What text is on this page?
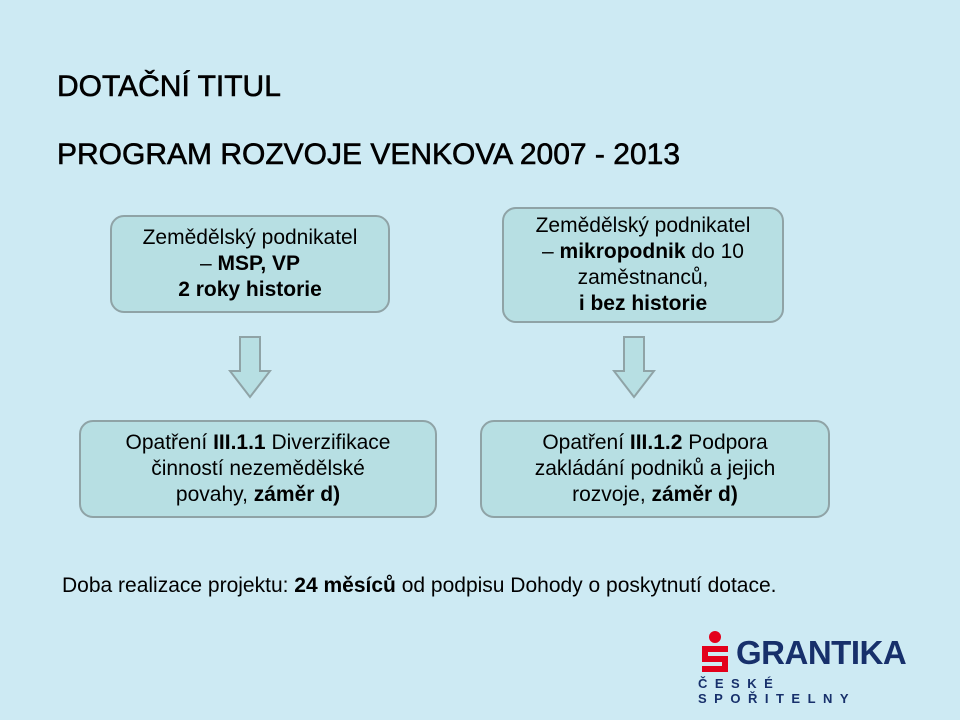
DOTAČNÍ TITUL
PROGRAM ROZVOJE VENKOVA 2007 - 2013
Zemědělský podnikatel
– MSP, VP
2 roky historie
Zemědělský podnikatel
– mikropodnik do 10
zaměstnanců,
i bez historie
Opatření III.1.1 Diverzifikace
činností nezemědělské
povahy, záměr d)
Opatření III.1.2 Podpora
zakládání podniků a jejich
rozvoje, záměr d)
Doba realizace projektu: 24 měsíců od podpisu Dohody o poskytnutí dotace.
GRANTIKA
ČESKÉ SPOŘITELNY
